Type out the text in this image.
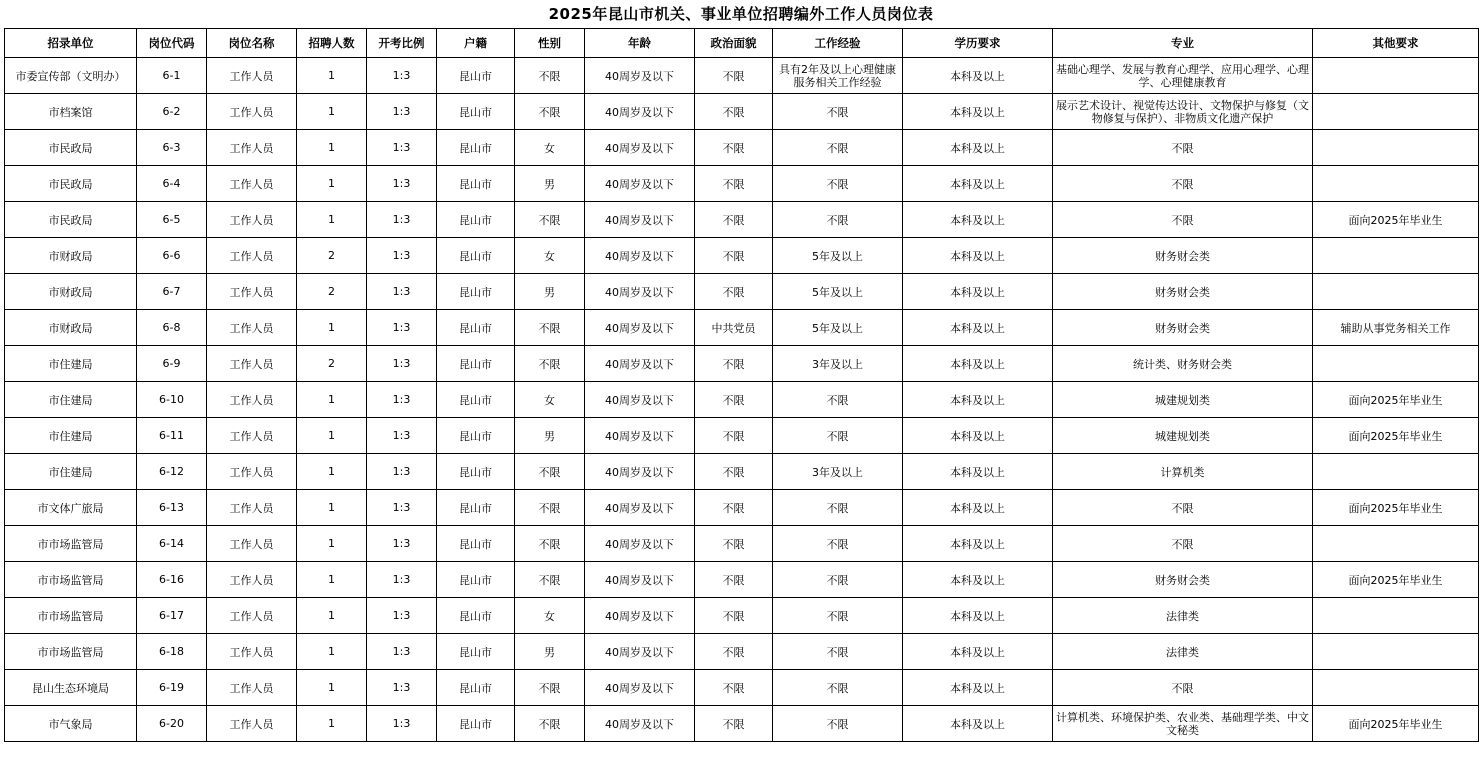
2025年昆山市机关、事业单位招聘编外工作人员岗位表
招录单位	岗位代码	岗位名称	招聘人数	开考比例	户籍	性别	年龄	政治面貌	工作经验	学历要求	专业	其他要求
市委宣传部（文明办）	6-1	工作人员	1	1:3	昆山市	不限	40周岁及以下	不限	具有2年及以上心理健康服务相关工作经验	本科及以上	基础心理学、发展与教育心理学、应用心理学、心理学、心理健康教育	
市档案馆	6-2	工作人员	1	1:3	昆山市	不限	40周岁及以下	不限	不限	本科及以上	展示艺术设计、视觉传达设计、文物保护与修复（文物修复与保护）、非物质文化遗产保护	
市民政局	6-3	工作人员	1	1:3	昆山市	女	40周岁及以下	不限	不限	本科及以上	不限	
市民政局	6-4	工作人员	1	1:3	昆山市	男	40周岁及以下	不限	不限	本科及以上	不限	
市民政局	6-5	工作人员	1	1:3	昆山市	不限	40周岁及以下	不限	不限	本科及以上	不限	面向2025年毕业生
市财政局	6-6	工作人员	2	1:3	昆山市	女	40周岁及以下	不限	5年及以上	本科及以上	财务财会类	
市财政局	6-7	工作人员	2	1:3	昆山市	男	40周岁及以下	不限	5年及以上	本科及以上	财务财会类	
市财政局	6-8	工作人员	1	1:3	昆山市	不限	40周岁及以下	中共党员	5年及以上	本科及以上	财务财会类	辅助从事党务相关工作
市住建局	6-9	工作人员	2	1:3	昆山市	不限	40周岁及以下	不限	3年及以上	本科及以上	统计类、财务财会类	
市住建局	6-10	工作人员	1	1:3	昆山市	女	40周岁及以下	不限	不限	本科及以上	城建规划类	面向2025年毕业生
市住建局	6-11	工作人员	1	1:3	昆山市	男	40周岁及以下	不限	不限	本科及以上	城建规划类	面向2025年毕业生
市住建局	6-12	工作人员	1	1:3	昆山市	不限	40周岁及以下	不限	3年及以上	本科及以上	计算机类	
市文体广旅局	6-13	工作人员	1	1:3	昆山市	不限	40周岁及以下	不限	不限	本科及以上	不限	面向2025年毕业生
市市场监管局	6-14	工作人员	1	1:3	昆山市	不限	40周岁及以下	不限	不限	本科及以上	不限	
市市场监管局	6-16	工作人员	1	1:3	昆山市	不限	40周岁及以下	不限	不限	本科及以上	财务财会类	面向2025年毕业生
市市场监管局	6-17	工作人员	1	1:3	昆山市	女	40周岁及以下	不限	不限	本科及以上	法律类	
市市场监管局	6-18	工作人员	1	1:3	昆山市	男	40周岁及以下	不限	不限	本科及以上	法律类	
昆山生态环境局	6-19	工作人员	1	1:3	昆山市	不限	40周岁及以下	不限	不限	本科及以上	不限	
市气象局	6-20	工作人员	1	1:3	昆山市	不限	40周岁及以下	不限	不限	本科及以上	计算机类、环境保护类、农业类、基础理学类、中文文秘类	面向2025年毕业生
